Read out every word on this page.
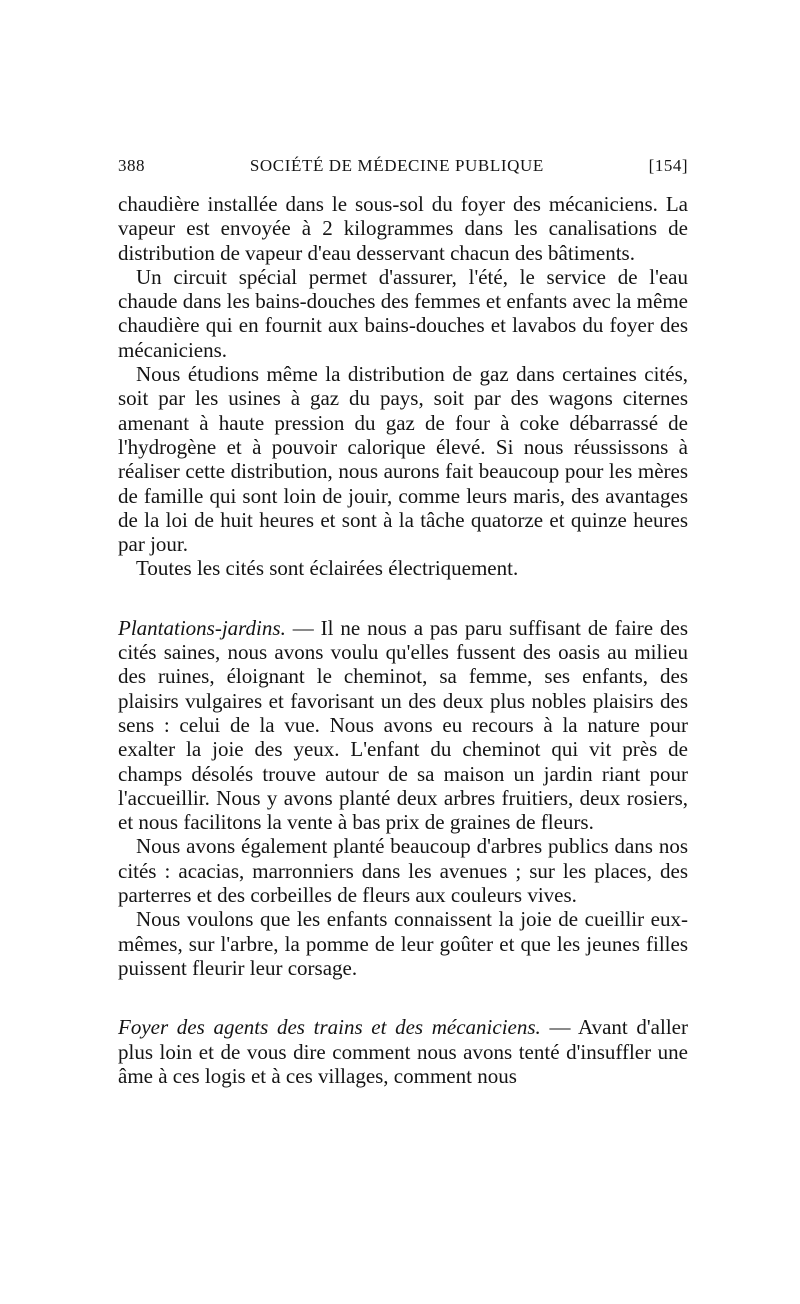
388	SOCIÉTÉ DE MÉDECINE PUBLIQUE	[154]

chaudière installée dans le sous-sol du foyer des mécaniciens. La vapeur est envoyée à 2 kilogrammes dans les canalisations de distribution de vapeur d'eau desservant chacun des bâtiments.

Un circuit spécial permet d'assurer, l'été, le service de l'eau chaude dans les bains-douches des femmes et enfants avec la même chaudière qui en fournit aux bains-douches et lavabos du foyer des mécaniciens.

Nous étudions même la distribution de gaz dans certaines cités, soit par les usines à gaz du pays, soit par des wagons citernes amenant à haute pression du gaz de four à coke débarrassé de l'hydrogène et à pouvoir calorique élevé. Si nous réussissons à réaliser cette distribution, nous aurons fait beaucoup pour les mères de famille qui sont loin de jouir, comme leurs maris, des avantages de la loi de huit heures et sont à la tâche quatorze et quinze heures par jour.

Toutes les cités sont éclairées électriquement.

Plantations-jardins. — Il ne nous a pas paru suffisant de faire des cités saines, nous avons voulu qu'elles fussent des oasis au milieu des ruines, éloignant le cheminot, sa femme, ses enfants, des plaisirs vulgaires et favorisant un des deux plus nobles plaisirs des sens : celui de la vue. Nous avons eu recours à la nature pour exalter la joie des yeux. L'enfant du cheminot qui vit près de champs désolés trouve autour de sa maison un jardin riant pour l'accueillir. Nous y avons planté deux arbres fruitiers, deux rosiers, et nous facilitons la vente à bas prix de graines de fleurs.

Nous avons également planté beaucoup d'arbres publics dans nos cités : acacias, marronniers dans les avenues ; sur les places, des parterres et des corbeilles de fleurs aux couleurs vives.

Nous voulons que les enfants connaissent la joie de cueillir eux-mêmes, sur l'arbre, la pomme de leur goûter et que les jeunes filles puissent fleurir leur corsage.

Foyer des agents des trains et des mécaniciens. — Avant d'aller plus loin et de vous dire comment nous avons tenté d'insuffler une âme à ces logis et à ces villages, comment nous
